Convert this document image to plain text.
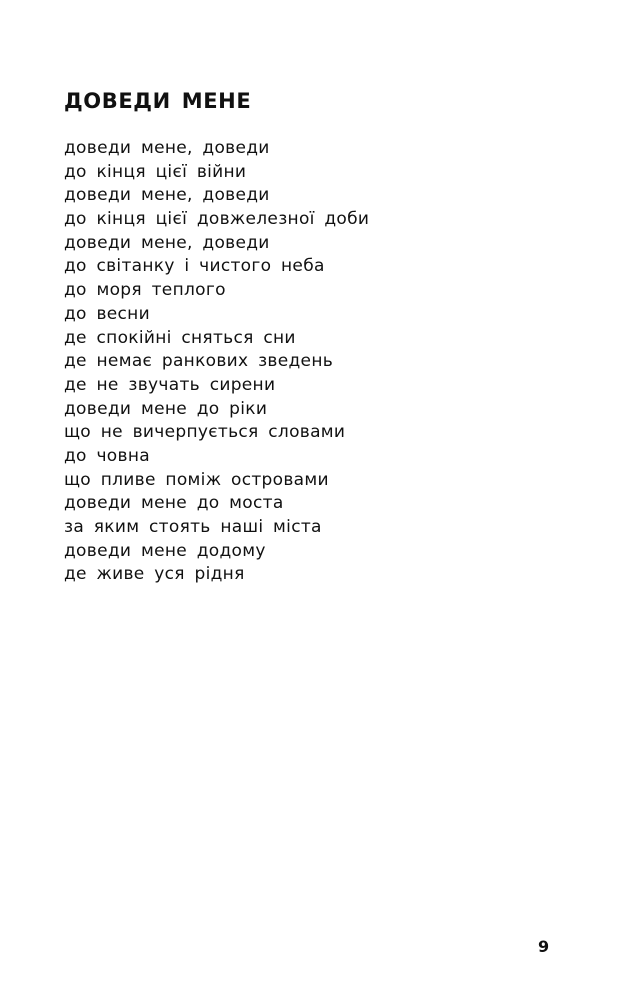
ДОВЕДИ МЕНЕ
доведи мене, доведи
до кінця цієї війни
доведи мене, доведи
до кінця цієї довжелезної доби
доведи мене, доведи
до світанку і чистого неба
до моря теплого
до весни
де спокійні сняться сни
де немає ранкових зведень
де не звучать сирени
доведи мене до ріки
що не вичерпується словами
до човна
що пливе поміж островами
доведи мене до моста
за яким стоять наші міста
доведи мене додому
де живе уся рідня
9
